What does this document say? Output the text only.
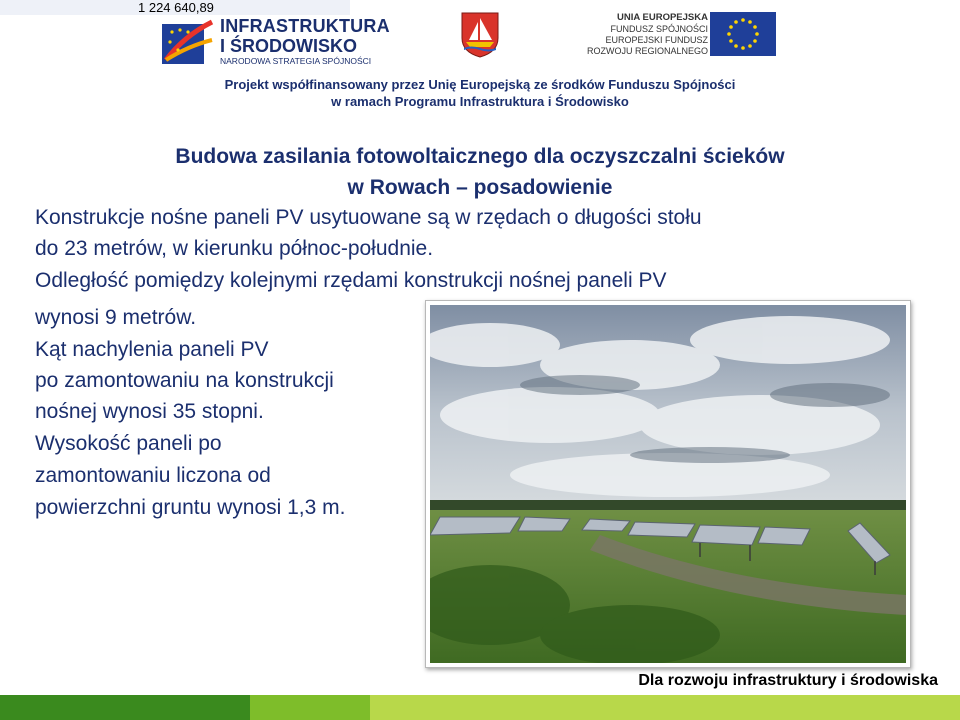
1 224 640,89
INFRASTRUKTURA
I ŚRODOWISKO
NARODOWA STRATEGIA SPÓJNOŚCI
UNIA EUROPEJSKA
FUNDUSZ SPÓJNOŚCI
EUROPEJSKI FUNDUSZ
ROZWOJU REGIONALNEGO
Projekt współfinansowany przez Unię Europejską ze środków Funduszu Spójności
w ramach Programu Infrastruktura i Środowisko
Budowa zasilania fotowoltaicznego dla oczyszczalni ścieków
w Rowach – posadowienie
Konstrukcje nośne paneli PV usytuowane są w rzędach o długości stołu
do 23 metrów, w kierunku północ-południe.
Odległość pomiędzy kolejnymi rzędami konstrukcji nośnej paneli PV
wynosi 9 metrów.
Kąt nachylenia paneli PV
po zamontowaniu na konstrukcji
nośnej wynosi 35 stopni.
Wysokość paneli po
zamontowaniu liczona od
powierzchni gruntu wynosi 1,3 m.
Dla rozwoju infrastruktury i środowiska
